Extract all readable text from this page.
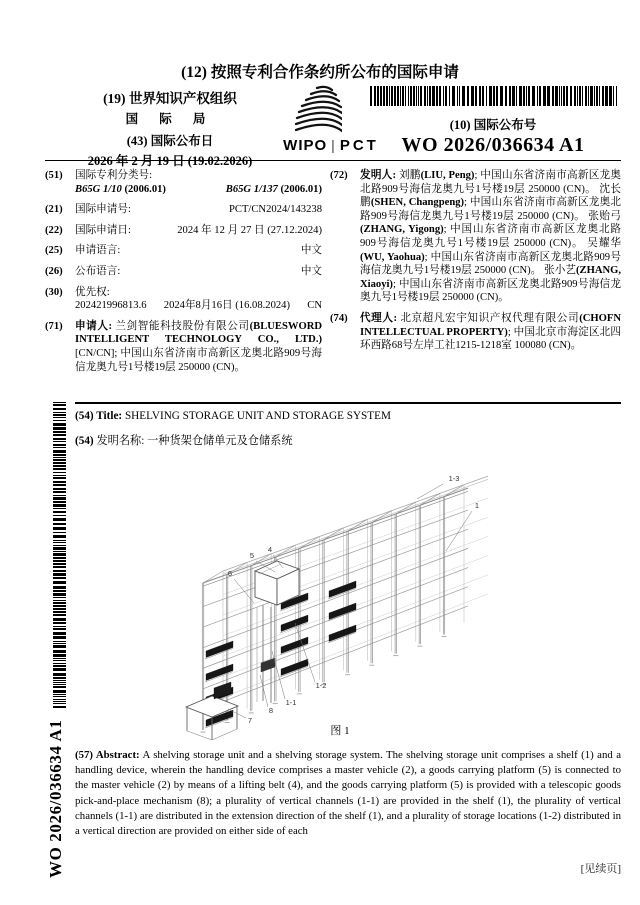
(12) 按照专利合作条约所公布的国际申请
(19) 世界知识产权组织
国 际 局
(43) 国际公布日
2026 年 2 月 19 日 (19.02.2026)
WIPO | PCT
(10) 国际公布号
WO 2026/036634 A1
(51)	国际专利分类号:
B65G 1/10 (2006.01)	B65G 1/137 (2006.01)
(21)	国际申请号:	PCT/CN2024/143238
(22)	国际申请日:	2024 年 12 月 27 日 (27.12.2024)
(25)	申请语言:	中文
(26)	公布语言:	中文
(30)	优先权:
202421996813.6 2024年8月16日 (16.08.2024) CN
(71)	申请人: 兰剑智能科技股份有限公司(BLUESWORD INTELLIGENT TECHNOLOGY CO., LTD.) [CN/CN]; 中国山东省济南市高新区龙奥北路909号海信龙奥九号1号楼19层 250000 (CN)。
(72)	发明人: 刘鹏(LIU, Peng); 中国山东省济南市高新区龙奥北路909号海信龙奥九号1号楼19层 250000 (CN)。 沈长鹏(SHEN, Changpeng); 中国山东省济南市高新区龙奥北路909号海信龙奥九号1号楼19层 250000 (CN)。 张贻弓(ZHANG, Yigong); 中国山东省济南市高新区龙奥北路909号海信龙奥九号1号楼19层 250000 (CN)。 吴耀华(WU, Yaohua); 中国山东省济南市高新区龙奥北路909号海信龙奥九号1号楼19层 250000 (CN)。 张小艺(ZHANG, Xiaoyi); 中国山东省济南市高新区龙奥北路909号海信龙奥九号1号楼19层 250000 (CN)。
(74)	代理人: 北京超凡宏宇知识产权代理有限公司(CHOFN INTELLECTUAL PROPERTY); 中国北京市海淀区北四环西路68号左岸工社1215-1218室 100080 (CN)。
(54) Title: SHELVING STORAGE UNIT AND STORAGE SYSTEM
(54) 发明名称: 一种货架仓储单元及仓储系统
1-3
1
5
4
6
7
8
1-1
1-2
图 1
(57) Abstract: A shelving storage unit and a shelving storage system. The shelving storage unit comprises a shelf (1) and a handling device, wherein the handling device comprises a master vehicle (2), a goods carrying platform (5) is connected to the master vehicle (2) by means of a lifting belt (4), and the goods carrying platform (5) is provided with a telescopic goods pick-and-place mechanism (8); a plurality of vertical channels (1-1) are provided in the shelf (1), the plurality of vertical channels (1-1) are distributed in the extension direction of the shelf (1), and a plurality of storage locations (1-2) distributed in a vertical direction are provided on either side of each
[见续页]
WO 2026/036634 A1
